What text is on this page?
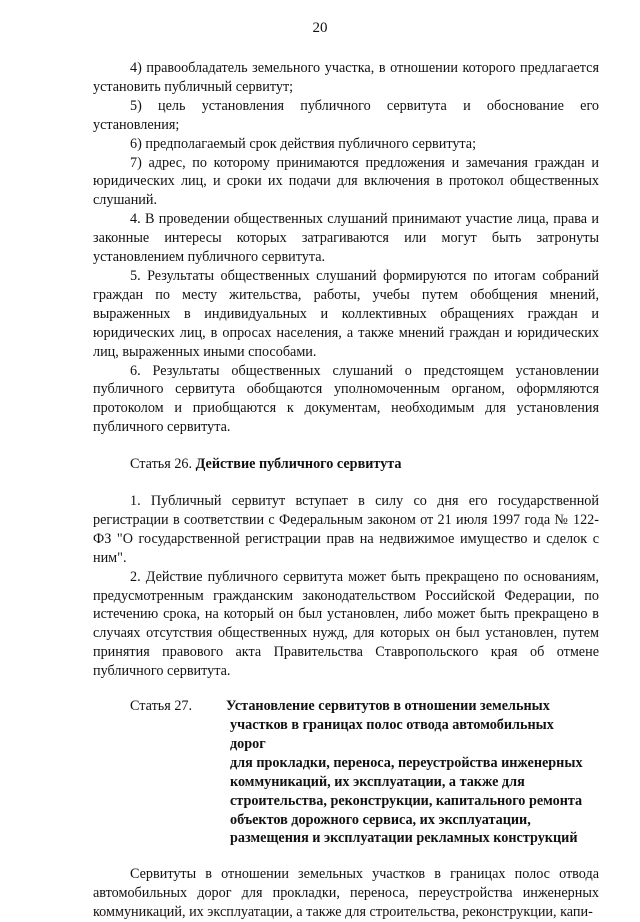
20

4) правообладатель земельного участка, в отношении которого предлагается установить публичный сервитут;

5) цель установления публичного сервитута и обоснование его установления;

6) предполагаемый срок действия публичного сервитута;

7) адрес, по которому принимаются предложения и замечания граждан и юридических лиц, и сроки их подачи для включения в протокол общественных слушаний.

4. В проведении общественных слушаний принимают участие лица, права и законные интересы которых затрагиваются или могут быть затронуты установлением публичного сервитута.

5. Результаты общественных слушаний формируются по итогам собраний граждан по месту жительства, работы, учебы путем обобщения мнений, выраженных в индивидуальных и коллективных обращениях граждан и юридических лиц, в опросах населения, а также мнений граждан и юридических лиц, выраженных иными способами.

6. Результаты общественных слушаний о предстоящем установлении публичного сервитута обобщаются уполномоченным органом, оформляются протоколом и приобщаются к документам, необходимым для установления публичного сервитута.

Статья 26. Действие публичного сервитута

1. Публичный сервитут вступает в силу со дня его государственной регистрации в соответствии с Федеральным законом от 21 июля 1997 года № 122-ФЗ "О государственной регистрации прав на недвижимое имущество и сделок с ним".

2. Действие публичного сервитута может быть прекращено по основаниям, предусмотренным гражданским законодательством Российской Федерации, по истечению срока, на который он был установлен, либо может быть прекращено в случаях отсутствия общественных нужд, для которых он был установлен, путем принятия правового акта Правительства Ставропольского края об отмене публичного сервитута.

Статья 27. Установление сервитутов в отношении земельных
участков в границах полос отвода автомобильных дорог
для прокладки, переноса, переустройства инженерных
коммуникаций, их эксплуатации, а также для
строительства, реконструкции, капитального ремонта
объектов дорожного сервиса, их эксплуатации,
размещения и эксплуатации рекламных конструкций

Сервитуты в отношении земельных участков в границах полос отвода автомобильных дорог для прокладки, переноса, переустройства инженерных коммуникаций, их эксплуатации, а также для строительства, реконструкции, капи-
